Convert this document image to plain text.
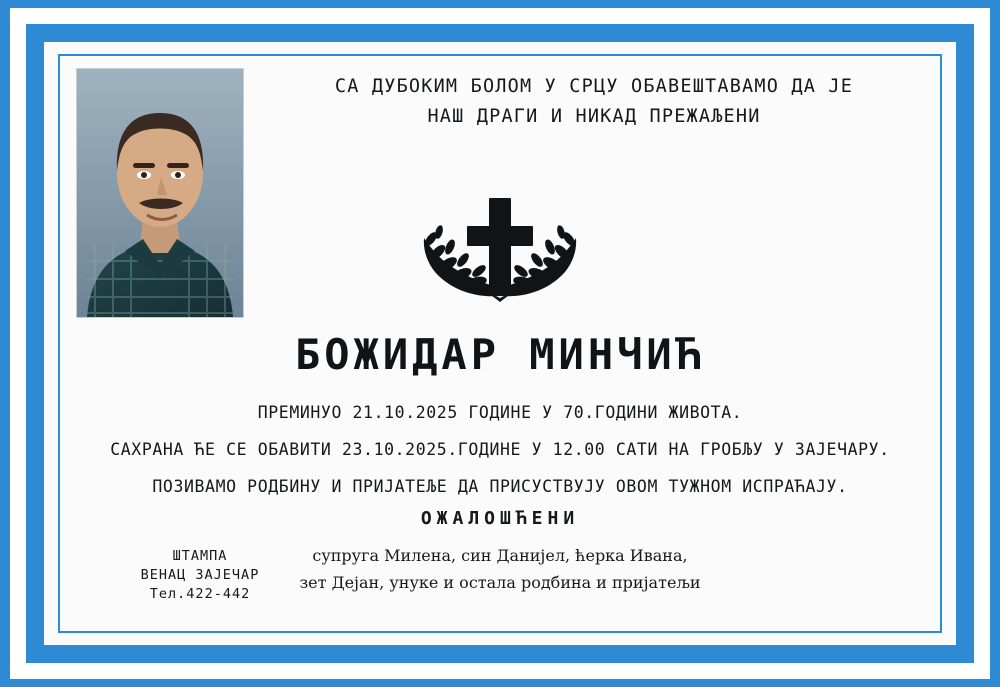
СА ДУБОКИМ БОЛОМ У СРЦУ ОБАВЕШТАВАМО ДА ЈЕ
НАШ ДРАГИ И НИКАД ПРЕЖАЉЕНИ
БОЖИДАР МИНЧИЋ
ПРЕМИНУО 21.10.2025 ГОДИНЕ У 70.ГОДИНИ ЖИВОТА.
САХРАНА ЋЕ СЕ ОБАВИТИ 23.10.2025.ГОДИНЕ У 12.00 САТИ НА ГРОБЉУ У ЗАЈЕЧАРУ.
ПОЗИВАМО РОДБИНУ И ПРИЈАТЕЉЕ ДА ПРИСУСТВУЈУ ОВОМ ТУЖНОМ ИСПРАЋАЈУ.
ОЖАЛОШЋЕНИ
супруга Милена, син Данијел, ћерка Ивана,
зет Дејан, унуке и остала родбина и пријатељи
ШТАМПА
ВЕНАЦ ЗАЈЕЧАР
Тел.422-442
